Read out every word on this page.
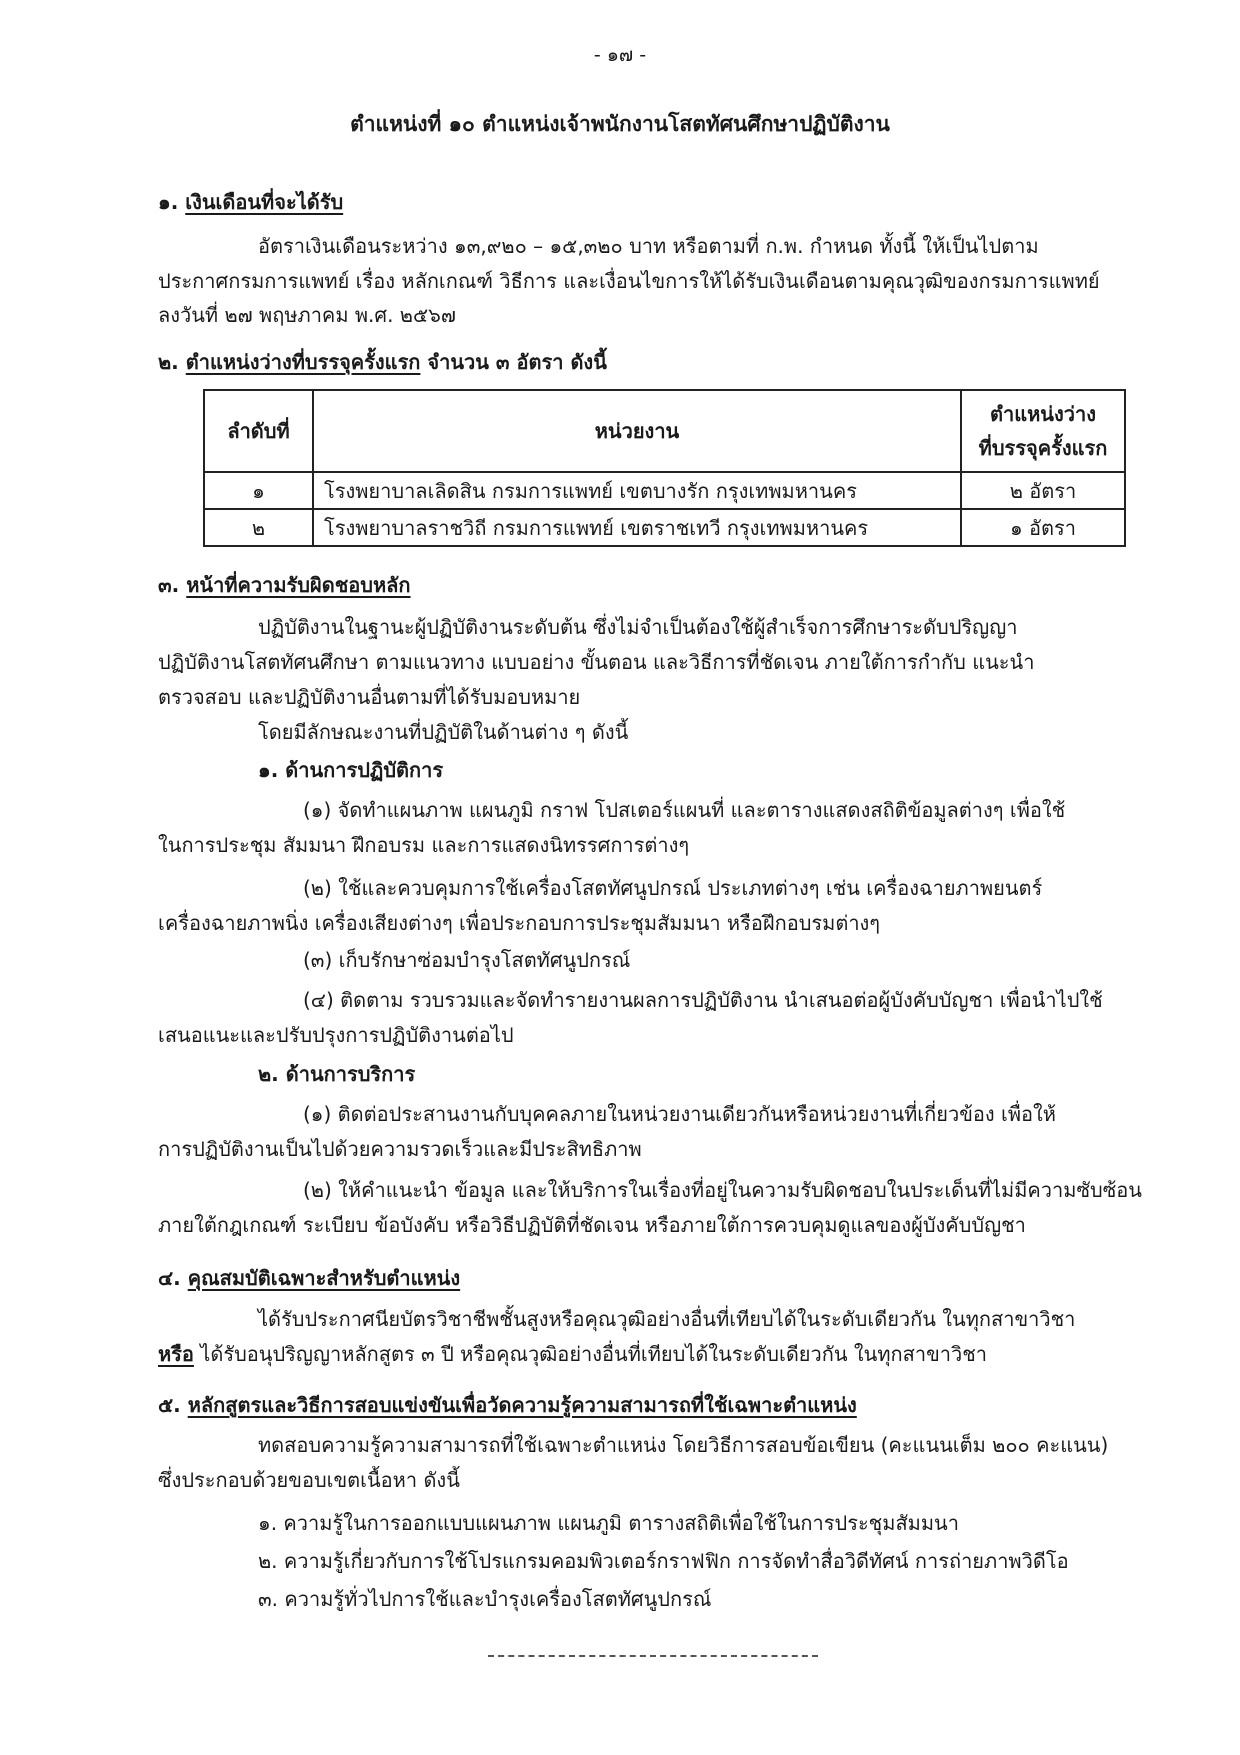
- ๑๗ -
ตำแหน่งที่ ๑๐ ตำแหน่งเจ้าพนักงานโสตทัศนศึกษาปฏิบัติงาน
๑. เงินเดือนที่จะได้รับ
อัตราเงินเดือนระหว่าง ๑๓,๙๒๐ – ๑๕,๓๒๐ บาท หรือตามที่ ก.พ. กำหนด ทั้งนี้ ให้เป็นไปตาม
ประกาศกรมการแพทย์ เรื่อง หลักเกณฑ์ วิธีการ และเงื่อนไขการให้ได้รับเงินเดือนตามคุณวุฒิของกรมการแพทย์
ลงวันที่ ๒๗ พฤษภาคม พ.ศ. ๒๕๖๗
๒. ตำแหน่งว่างที่บรรจุครั้งแรก จำนวน ๓ อัตรา ดังนี้
ลำดับที่	หน่วยงาน	ตำแหน่งว่าง
ที่บรรจุครั้งแรก

๑	โรงพยาบาลเลิดสิน กรมการแพทย์ เขตบางรัก กรุงเทพมหานคร	๒ อัตรา
๒	โรงพยาบาลราชวิถี กรมการแพทย์ เขตราชเทวี กรุงเทพมหานคร	๑ อัตรา
๓. หน้าที่ความรับผิดชอบหลัก
ปฏิบัติงานในฐานะผู้ปฏิบัติงานระดับต้น ซึ่งไม่จำเป็นต้องใช้ผู้สำเร็จการศึกษาระดับปริญญา
ปฏิบัติงานโสตทัศนศึกษา ตามแนวทาง แบบอย่าง ขั้นตอน และวิธีการที่ชัดเจน ภายใต้การกำกับ แนะนำ
ตรวจสอบ และปฏิบัติงานอื่นตามที่ได้รับมอบหมาย
โดยมีลักษณะงานที่ปฏิบัติในด้านต่าง ๆ ดังนี้
๑. ด้านการปฏิบัติการ
(๑) จัดทำแผนภาพ แผนภูมิ กราฟ โปสเตอร์แผนที่ และตารางแสดงสถิติข้อมูลต่างๆ เพื่อใช้
ในการประชุม สัมมนา ฝึกอบรม และการแสดงนิทรรศการต่างๆ
(๒) ใช้และควบคุมการใช้เครื่องโสตทัศนูปกรณ์ ประเภทต่างๆ เช่น เครื่องฉายภาพยนตร์
เครื่องฉายภาพนิ่ง เครื่องเสียงต่างๆ เพื่อประกอบการประชุมสัมมนา หรือฝึกอบรมต่างๆ
(๓) เก็บรักษาซ่อมบำรุงโสตทัศนูปกรณ์
(๔) ติดตาม รวบรวมและจัดทำรายงานผลการปฏิบัติงาน นำเสนอต่อผู้บังคับบัญชา เพื่อนำไปใช้
เสนอแนะและปรับปรุงการปฏิบัติงานต่อไป
๒. ด้านการบริการ
(๑) ติดต่อประสานงานกับบุคคลภายในหน่วยงานเดียวกันหรือหน่วยงานที่เกี่ยวข้อง เพื่อให้
การปฏิบัติงานเป็นไปด้วยความรวดเร็วและมีประสิทธิภาพ
(๒) ให้คำแนะนำ ข้อมูล และให้บริการในเรื่องที่อยู่ในความรับผิดชอบในประเด็นที่ไม่มีความซับซ้อน
ภายใต้กฎเกณฑ์ ระเบียบ ข้อบังคับ หรือวิธีปฏิบัติที่ชัดเจน หรือภายใต้การควบคุมดูแลของผู้บังคับบัญชา
๔. คุณสมบัติเฉพาะสำหรับตำแหน่ง
ได้รับประกาศนียบัตรวิชาชีพชั้นสูงหรือคุณวุฒิอย่างอื่นที่เทียบได้ในระดับเดียวกัน ในทุกสาขาวิชา
หรือ ได้รับอนุปริญญาหลักสูตร ๓ ปี หรือคุณวุฒิอย่างอื่นที่เทียบได้ในระดับเดียวกัน ในทุกสาขาวิชา
๕. หลักสูตรและวิธีการสอบแข่งขันเพื่อวัดความรู้ความสามารถที่ใช้เฉพาะตำแหน่ง
ทดสอบความรู้ความสามารถที่ใช้เฉพาะตำแหน่ง โดยวิธีการสอบข้อเขียน (คะแนนเต็ม ๒๐๐ คะแนน)
ซึ่งประกอบด้วยขอบเขตเนื้อหา ดังนี้
๑. ความรู้ในการออกแบบแผนภาพ แผนภูมิ ตารางสถิติเพื่อใช้ในการประชุมสัมมนา
๒. ความรู้เกี่ยวกับการใช้โปรแกรมคอมพิวเตอร์กราฟฟิก การจัดทำสื่อวิดีทัศน์ การถ่ายภาพวิดีโอ
๓. ความรู้ทั่วไปการใช้และบำรุงเครื่องโสตทัศนูปกรณ์
